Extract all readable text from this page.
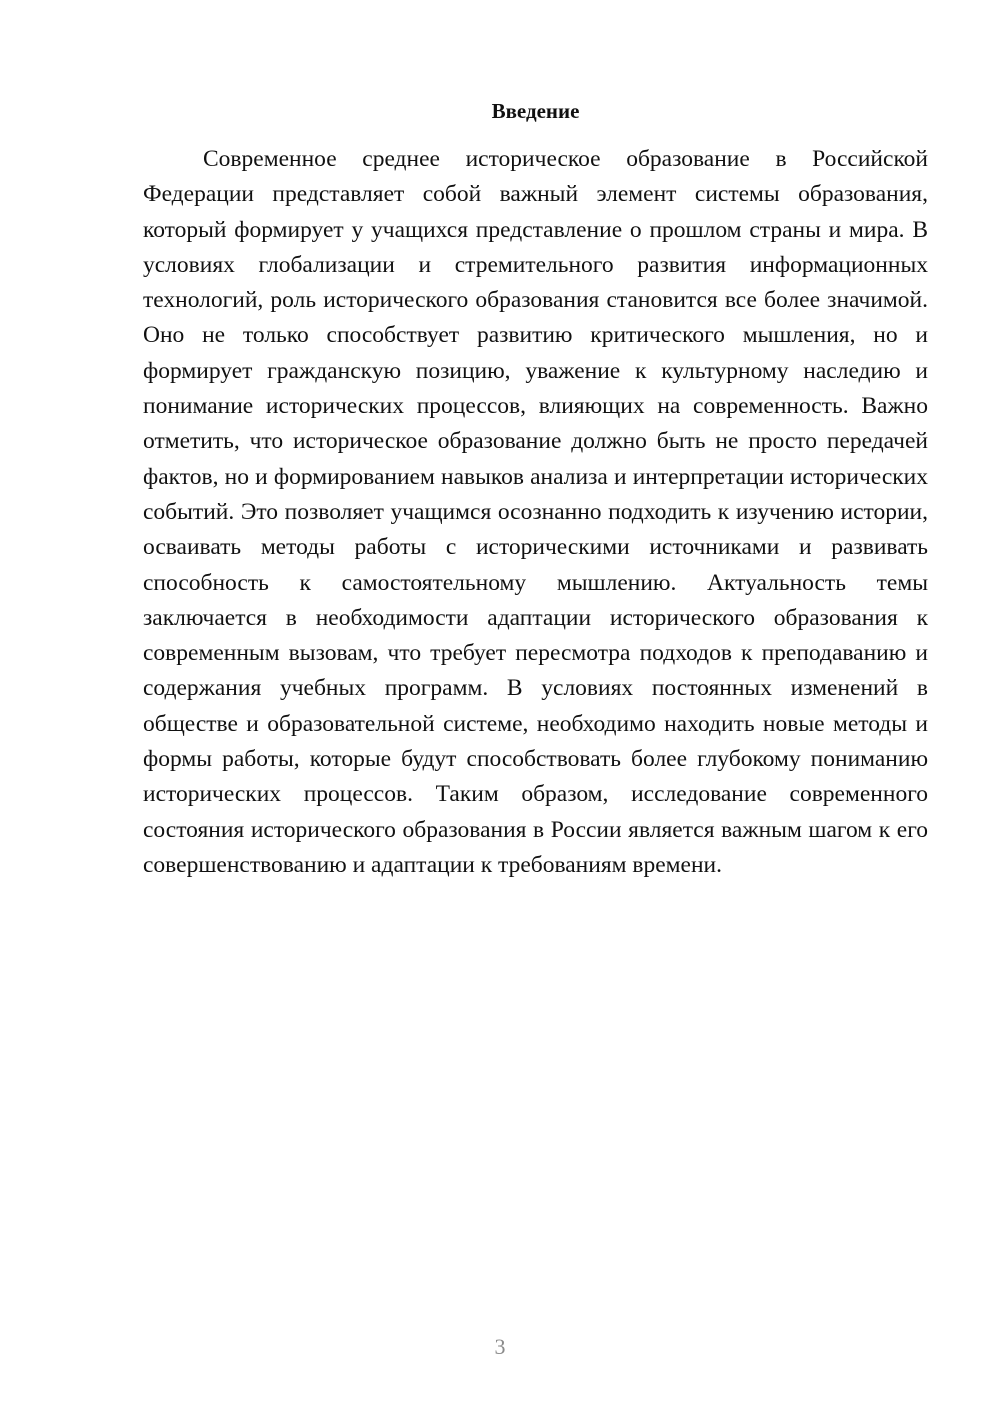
Введение

Современное среднее историческое образование в Российской Федерации представляет собой важный элемент системы образования, который формирует у учащихся представление о прошлом страны и мира. В условиях глобализации и стремительного развития информационных технологий, роль исторического образования становится все более значимой. Оно не только способствует развитию критического мышления, но и формирует гражданскую позицию, уважение к культурному наследию и понимание исторических процессов, влияющих на современность. Важно отметить, что историческое образование должно быть не просто передачей фактов, но и формированием навыков анализа и интерпретации исторических событий. Это позволяет учащимся осознанно подходить к изучению истории, осваивать методы работы с историческими источниками и развивать способность к самостоятельному мышлению. Актуальность темы заключается в необходимости адаптации исторического образования к современным вызовам, что требует пересмотра подходов к преподаванию и содержания учебных программ. В условиях постоянных изменений в обществе и образовательной системе, необходимо находить новые методы и формы работы, которые будут способствовать более глубокому пониманию исторических процессов. Таким образом, исследование современного состояния исторического образования в России является важным шагом к его совершенствованию и адаптации к требованиям времени.

3
